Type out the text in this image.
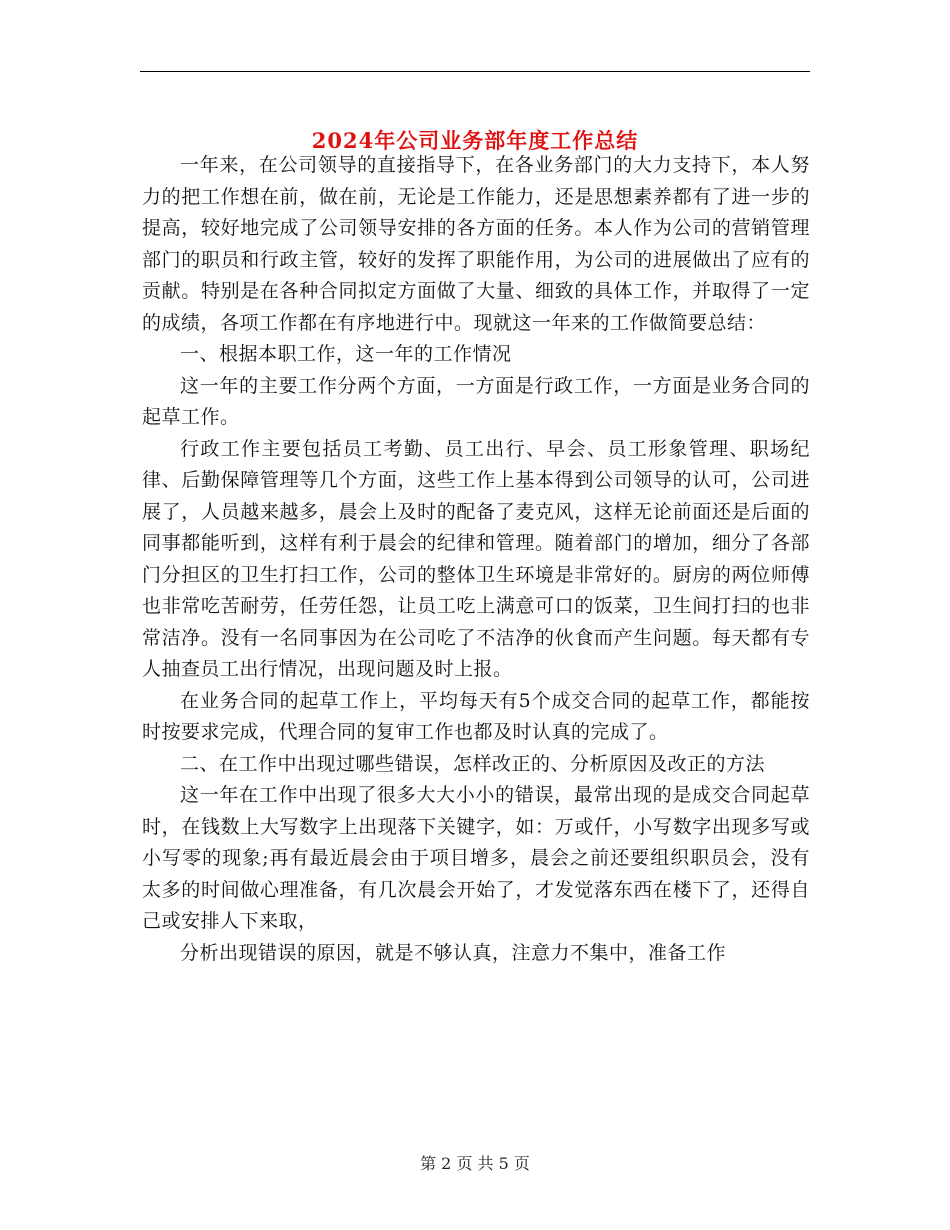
2024年公司业务部年度工作总结

一年来，在公司领导的直接指导下，在各业务部门的大力支持下，本人努力的把工作想在前，做在前，无论是工作能力，还是思想素养都有了进一步的提高，较好地完成了公司领导安排的各方面的任务。本人作为公司的营销管理部门的职员和行政主管，较好的发挥了职能作用，为公司的进展做出了应有的贡献。特别是在各种合同拟定方面做了大量、细致的具体工作，并取得了一定的成绩，各项工作都在有序地进行中。现就这一年来的工作做简要总结：

一、根据本职工作，这一年的工作情况

这一年的主要工作分两个方面，一方面是行政工作，一方面是业务合同的起草工作。

行政工作主要包括员工考勤、员工出行、早会、员工形象管理、职场纪律、后勤保障管理等几个方面，这些工作上基本得到公司领导的认可，公司进展了，人员越来越多，晨会上及时的配备了麦克风，这样无论前面还是后面的同事都能听到，这样有利于晨会的纪律和管理。随着部门的增加，细分了各部门分担区的卫生打扫工作，公司的整体卫生环境是非常好的。厨房的两位师傅也非常吃苦耐劳，任劳任怨，让员工吃上满意可口的饭菜，卫生间打扫的也非常洁净。没有一名同事因为在公司吃了不洁净的伙食而产生问题。每天都有专人抽查员工出行情况，出现问题及时上报。

在业务合同的起草工作上，平均每天有5个成交合同的起草工作，都能按时按要求完成，代理合同的复审工作也都及时认真的完成了。

二、在工作中出现过哪些错误，怎样改正的、分析原因及改正的方法

这一年在工作中出现了很多大大小小的错误，最常出现的是成交合同起草时，在钱数上大写数字上出现落下关键字，如：万或仟，小写数字出现多写或小写零的现象;再有最近晨会由于项目增多，晨会之前还要组织职员会，没有太多的时间做心理准备，有几次晨会开始了，才发觉落东西在楼下了，还得自己或安排人下来取，

分析出现错误的原因，就是不够认真，注意力不集中，准备工作

第 2 页 共 5 页
